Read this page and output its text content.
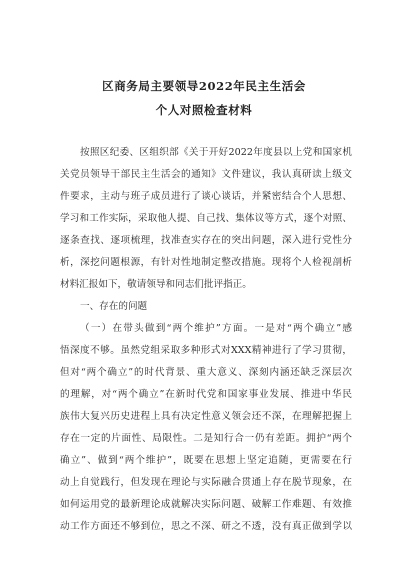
区商务局主要领导2022年民主生活会
个人对照检查材料
按照区纪委、区组织部《关于开好2022年度县以上党和国家机
关党员领导干部民主生活会的通知》文件建议，我认真研读上级文
件要求，主动与班子成员进行了谈心谈话，并紧密结合个人思想、
学习和工作实际，采取他人提、自己找、集体议等方式，逐个对照、
逐条查找、逐项梳理，找准查实存在的突出问题，深入进行党性分
析，深挖问题根源，有针对性地制定整改措施。现将个人检视剖析
材料汇报如下，敬请领导和同志们批评指正。
一、存在的问题
（一）在带头做到“两个维护”方面。一是对“两个确立”感
悟深度不够。虽然党组采取多种形式对XXX精神进行了学习贯彻，
但对“两个确立”的时代背景、重大意义、深刻内涵还缺乏深层次
的理解，对“两个确立”在新时代党和国家事业发展、推进中华民
族伟大复兴历史进程上具有决定性意义领会还不深，在理解把握上
存在一定的片面性、局限性。二是知行合一仍有差距。拥护“两个
确立”、做到“两个维护”，既要在思想上坚定追随，更需要在行
动上自觉践行，但发现在理论与实际融合贯通上存在脱节现象，在
如何运用党的最新理论成就解决实际问题、破解工作难题、有效推
动工作方面还不够到位，思之不深、研之不透，没有真正做到学以
